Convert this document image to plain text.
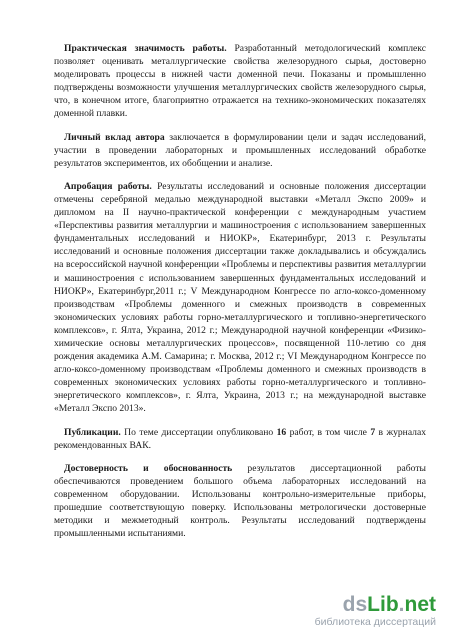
Практическая значимость работы. Разработанный методологический комплекс позволяет оценивать металлургические свойства железорудного сырья, достоверно моделировать процессы в нижней части доменной печи. Показаны и промышленно подтверждены возможности улучшения металлургических свойств железорудного сырья, что, в конечном итоге, благоприятно отражается на технико-экономических показателях доменной плавки.

Личный вклад автора заключается в формулировании цели и задач исследований, участии в проведении лабораторных и промышленных исследований обработке результатов экспериментов, их обобщении и анализе.

Апробация работы. Результаты исследований и основные положения диссертации отмечены серебряной медалью международной выставки «Металл Экспо 2009» и дипломом на II научно-практической конференции с международным участием «Перспективы развития металлургии и машиностроения с использованием завершенных фундаментальных исследований и НИОКР», Екатеринбург, 2013 г. Результаты исследований и основные положения диссертации также докладывались и обсуждались на всероссийской научной конференции «Проблемы и перспективы развития металлургии и машиностроения с использованием завершенных фундаментальных исследований и НИОКР», Екатеринбург,2011 г.; V Международном Конгрессе по агло-коксо-доменному производствам «Проблемы доменного и смежных производств в современных экономических условиях работы горно-металлургического и топливно-энергетического комплексов», г. Ялта, Украина, 2012 г.; Международной научной конференции «Физико-химические основы металлургических процессов», посвященной 110-летию со дня рождения академика А.М. Самарина; г. Москва, 2012 г.; VI Международном Конгрессе по агло-коксо-доменному производствам «Проблемы доменного и смежных производств в современных экономических условиях работы горно-металлургического и топливно-энергетического комплексов», г. Ялта, Украина, 2013 г.; на международной выставке «Металл Экспо 2013».

Публикации. По теме диссертации опубликовано 16 работ, в том числе 7 в журналах рекомендованных ВАК.

Достоверность и обоснованность результатов диссертационной работы обеспечиваются проведением большого объема лабораторных исследований на современном оборудовании. Использованы контрольно-измерительные приборы, прошедшие соответствующую поверку. Использованы метрологически достоверные методики и межметодный контроль. Результаты исследований подтверждены промышленными испытаниями.

dsLib.net
библиотека диссертаций
